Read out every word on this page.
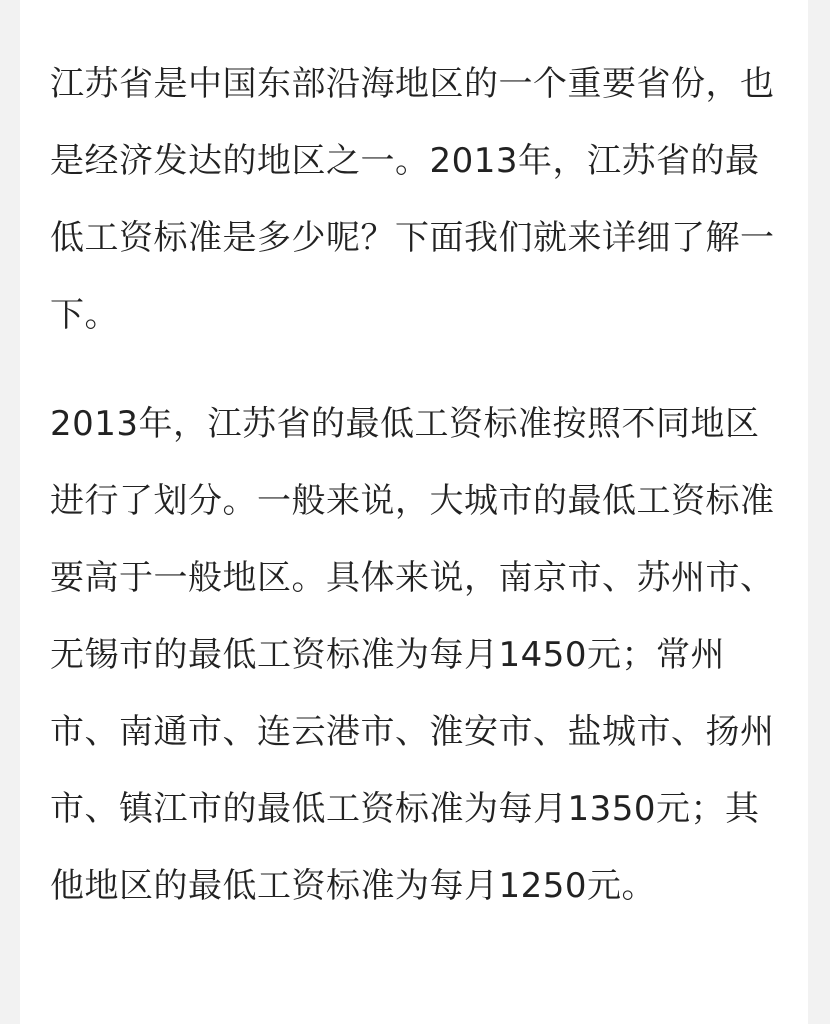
江苏省是中国东部沿海地区的一个重要省份，也是经济发达的地区之一。2013年，江苏省的最低工资标准是多少呢？下面我们就来详细了解一下。

2013年，江苏省的最低工资标准按照不同地区进行了划分。一般来说，大城市的最低工资标准要高于一般地区。具体来说，南京市、苏州市、无锡市的最低工资标准为每月1450元；常州市、南通市、连云港市、淮安市、盐城市、扬州市、镇江市的最低工资标准为每月1350元；其他地区的最低工资标准为每月1250元。
